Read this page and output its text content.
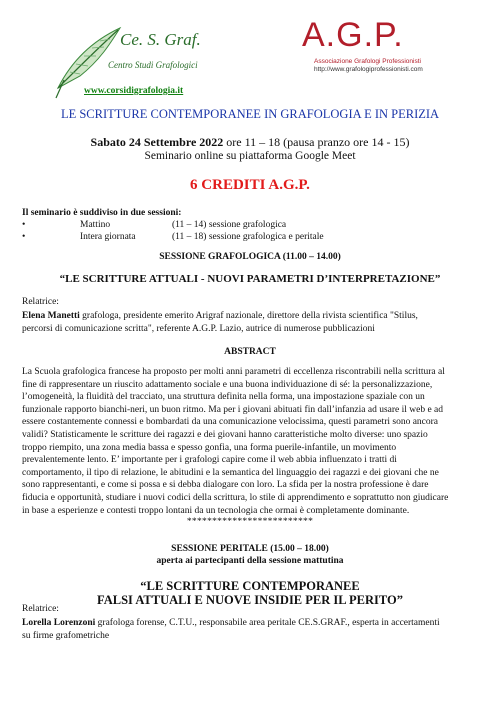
Ce. S. Graf.
Centro Studi Grafologici
www.corsidigrafologia.it
A.G.P.
Associazione Grafologi Professionisti
http://www.grafologiprofessionisti.com
LE SCRITTURE CONTEMPORANEE IN GRAFOLOGIA E IN PERIZIA
Sabato 24 Settembre 2022 ore 11 – 18 (pausa pranzo ore 14 - 15)
Seminario online su piattaforma Google Meet
6 CREDITI A.G.P.
Il seminario è suddiviso in due sessioni:
•	Mattino	(11 – 14) sessione grafologica
•	Intera giornata	(11 – 18) sessione grafologica e peritale
SESSIONE GRAFOLOGICA (11.00 – 14.00)
“LE SCRITTURE ATTUALI - NUOVI PARAMETRI D’INTERPRETAZIONE”
Relatrice:
Elena Manetti grafologa, presidente emerito Arigraf nazionale, direttore della rivista scientifica "Stilus,
percorsi di comunicazione scritta", referente A.G.P. Lazio, autrice di numerose pubblicazioni
ABSTRACT
La Scuola grafologica francese ha proposto per molti anni parametri di eccellenza riscontrabili nella scrittura al
fine di rappresentare un riuscito adattamento sociale e una buona individuazione di sé: la personalizzazione,
l’omogeneità, la fluidità del tracciato, una struttura definita nella forma, una impostazione spaziale con un
funzionale rapporto bianchi-neri, un buon ritmo. Ma per i giovani abituati fin dall’infanzia ad usare il web e ad
essere costantemente connessi e bombardati da una comunicazione velocissima, questi parametri sono ancora
validi? Statisticamente le scritture dei ragazzi e dei giovani hanno caratteristiche molto diverse: uno spazio
troppo riempito, una zona media bassa e spesso gonfia, una forma puerile-infantile, un movimento
prevalentemente lento. E’ importante per i grafologi capire come il web abbia influenzato i tratti di
comportamento, il tipo di relazione, le abitudini e la semantica del linguaggio dei ragazzi e dei giovani che ne
sono rappresentanti, e come si possa e si debba dialogare con loro. La sfida per la nostra professione è dare
fiducia e opportunità, studiare i nuovi codici della scrittura, lo stile di apprendimento e soprattutto non giudicare
in base a esperienze e contesti troppo lontani da un tecnologia che ormai è completamente dominante.
*************************
SESSIONE PERITALE (15.00 – 18.00)
aperta ai partecipanti della sessione mattutina
“LE SCRITTURE CONTEMPORANEE
FALSI ATTUALI E NUOVE INSIDIE PER IL PERITO”
Relatrice:
Lorella Lorenzoni grafologa forense, C.T.U., responsabile area peritale CE.S.GRAF., esperta in accertamenti
su firme grafometriche
